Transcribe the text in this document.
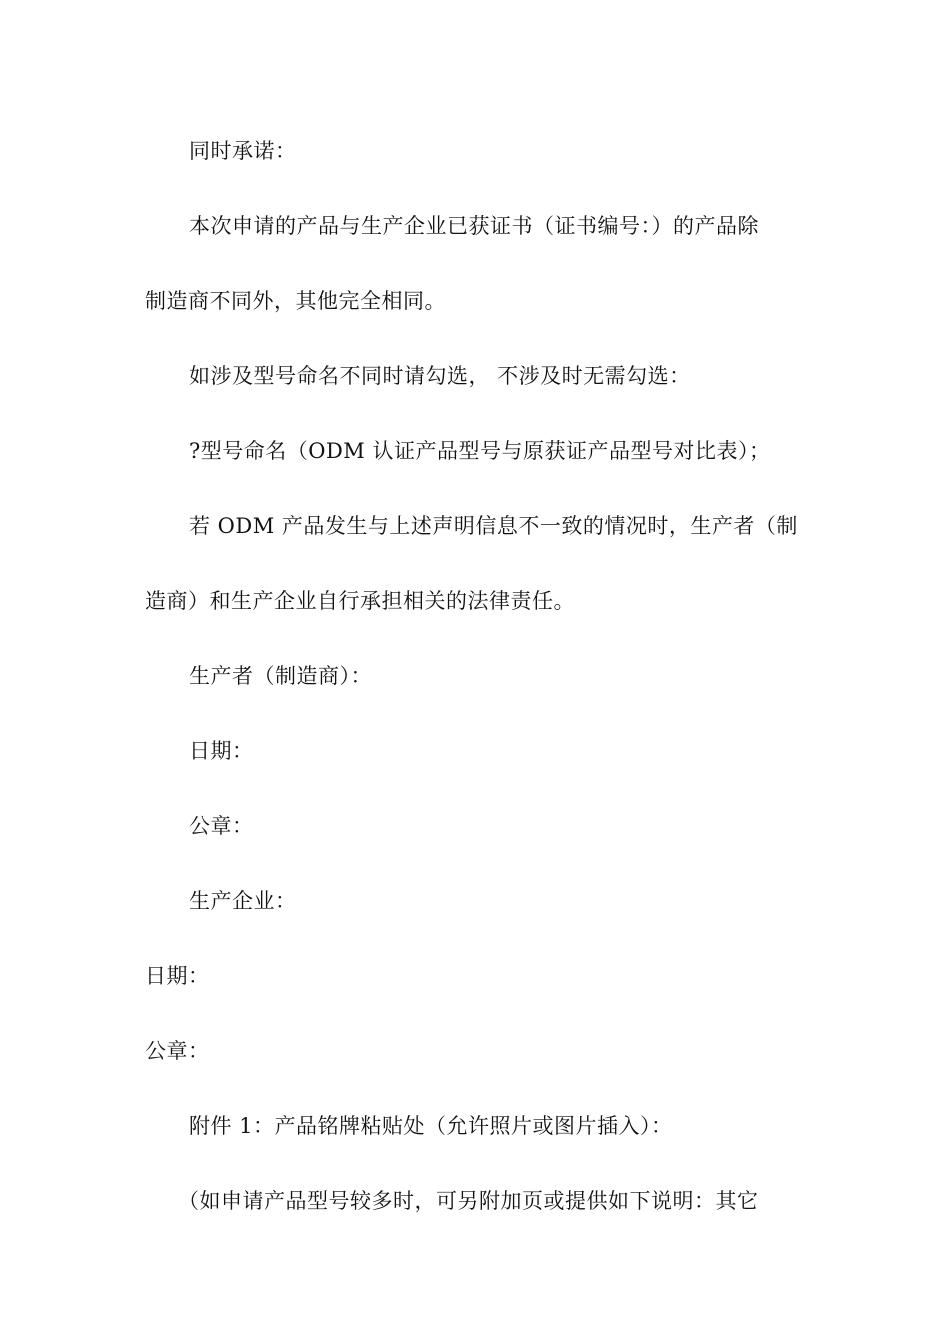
同时承诺：
本次申请的产品与生产企业已获证书（证书编号：）的产品除
制造商不同外，其他完全相同。
如涉及型号命名不同时请勾选， 不涉及时无需勾选：
?型号命名（ODM 认证产品型号与原获证产品型号对比表）；
若 ODM 产品发生与上述声明信息不一致的情况时，生产者（制
造商）和生产企业自行承担相关的法律责任。
生产者（制造商）：
日期：
公章：
生产企业：
日期：
公章：
附件 1：产品铭牌粘贴处（允许照片或图片插入）：
（如申请产品型号较多时，可另附加页或提供如下说明：其它
